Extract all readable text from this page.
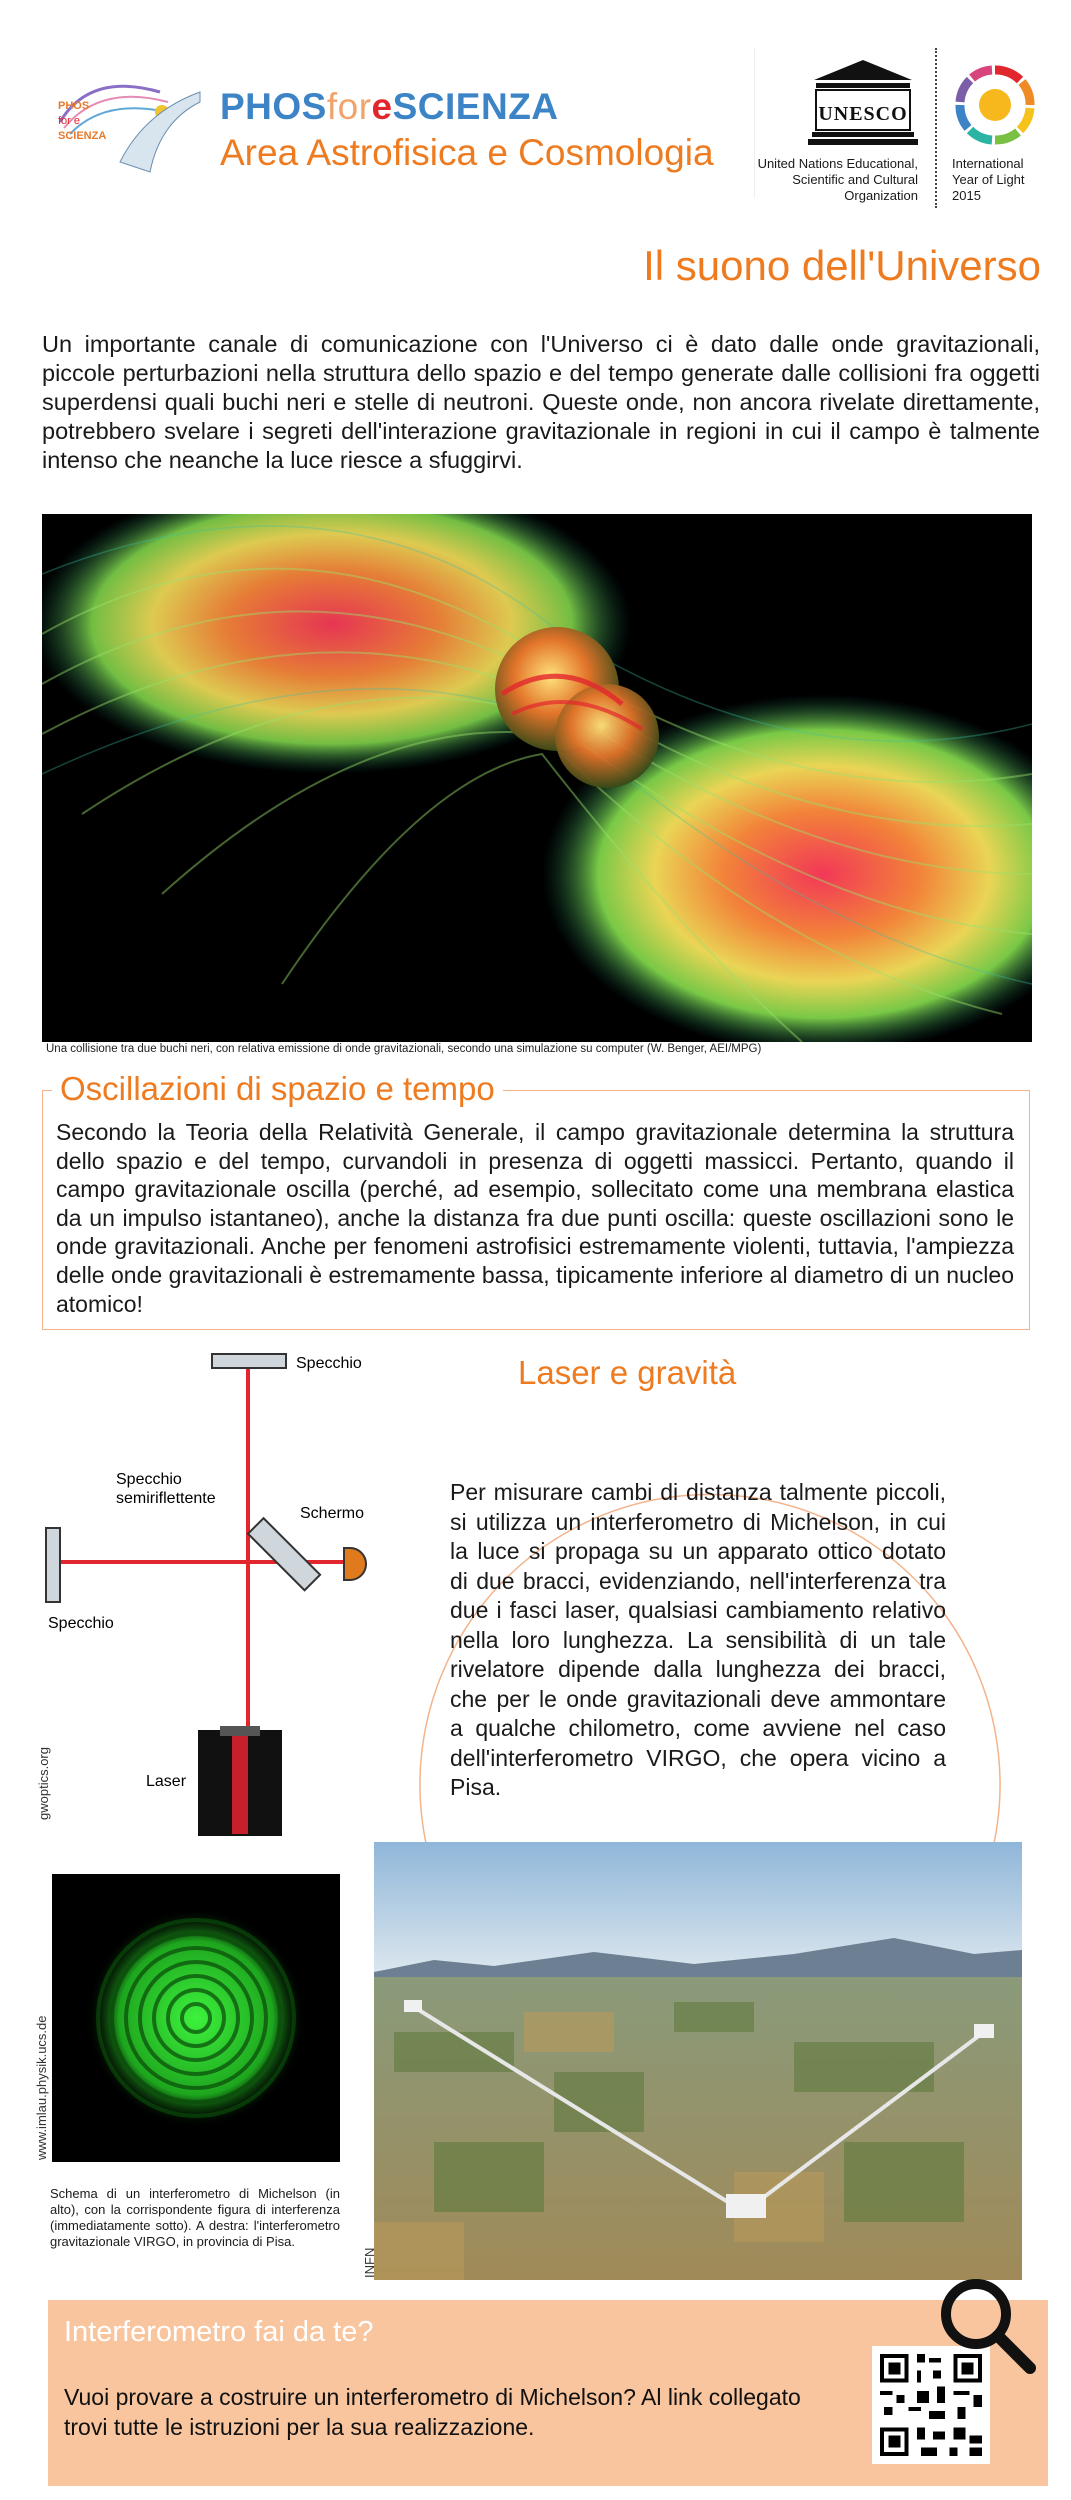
PHOS
for e
SCIENZA
PHOSforeSCIENZA
Area Astrofisica e Cosmologia
UNESCO
United Nations Educational, Scientific and Cultural Organization
International Year of Light 2015
Il suono dell'Universo
Un importante canale di comunicazione con l'Universo ci è dato dalle onde gravitazionali, piccole perturbazioni nella struttura dello spazio e del tempo generate dalle collisioni fra oggetti superdensi quali buchi neri e stelle di neutroni. Queste onde, non ancora rivelate direttamente, potrebbero svelare i segreti dell'interazione gravitazionale in regioni in cui il campo è talmente intenso che neanche la luce riesce a sfuggirvi.
Una collisione tra due buchi neri, con relativa emissione di onde gravitazionali, secondo una simulazione su computer (W. Benger, AEI/MPG)
Oscillazioni di spazio e tempo
Secondo la Teoria della Relatività Generale, il campo gravitazionale determina la struttura dello spazio e del tempo, curvandoli in presenza di oggetti massicci. Pertanto, quando il campo gravitazionale oscilla (perché, ad esempio, sollecitato come una membrana elastica da un impulso istantaneo), anche la distanza fra due punti oscilla: queste oscillazioni sono le onde gravitazionali. Anche per fenomeni astrofisici estremamente violenti, tuttavia, l'ampiezza delle onde gravitazionali è estremamente bassa, tipicamente inferiore al diametro di un nucleo atomico!
Specchio
Specchio
semiriflettente
Schermo
Specchio
Laser
gwoptics.org
Laser e gravità
Per misurare cambi di distanza talmente piccoli, si utilizza un interferometro di Michelson, in cui la luce si propaga su un apparato ottico dotato di due bracci, evidenziando, nell'interferenza tra due i fasci laser, qualsiasi cambiamento relativo nella loro lunghezza. La sensibilità di un tale rivelatore dipende dalla lunghezza dei bracci, che per le onde gravitazionali deve ammontare a qualche chilometro, come avviene nel caso dell'interferometro VIRGO, che opera vicino a Pisa.
www.imlau.physik.ucs.de
INFN
Schema di un interferometro di Michelson (in alto), con la corrispondente figura di interferenza (immediatamente sotto). A destra: l'interferometro gravitazionale VIRGO, in provincia di Pisa.
Interferometro fai da te?
Vuoi provare a costruire un interferometro di Michelson? Al link collegato trovi tutte le istruzioni per la sua realizzazione.
